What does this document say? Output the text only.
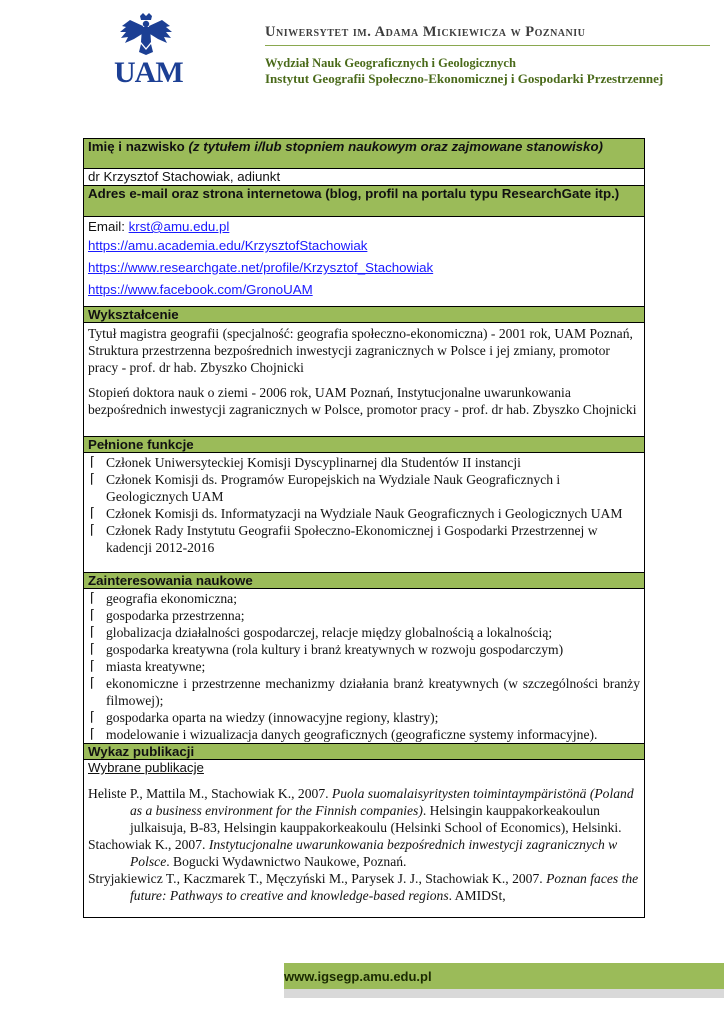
UAM
Uniwersytet im. Adama Mickiewicza w Poznaniu
Wydział Nauk Geograficznych i Geologicznych
Instytut Geografii Społeczno-Ekonomicznej i Gospodarki Przestrzennej
Imię i nazwisko (z tytułem i/lub stopniem naukowym oraz zajmowane stanowisko)
dr Krzysztof Stachowiak, adiunkt
Adres e-mail oraz strona internetowa (blog, profil na portalu typu ResearchGate itp.)
Email: krst@amu.edu.pl
https://amu.academia.edu/KrzysztofStachowiak
https://www.researchgate.net/profile/Krzysztof_Stachowiak
https://www.facebook.com/GronoUAM
Wykształcenie

Tytuł magistra geografii (specjalność: geografia społeczno-ekonomiczna) - 2001 rok, UAM Poznań, Struktura przestrzenna bezpośrednich inwestycji zagranicznych w Polsce i jej zmiany, promotor pracy - prof. dr hab. Zbyszko Chojnicki

Stopień doktora nauk o ziemi - 2006 rok, UAM Poznań, Instytucjonalne uwarunkowania bezpośrednich inwestycji zagranicznych w Polsce, promotor pracy - prof. dr hab. Zbyszko Chojnicki

Pełnione funkcje
⌈ Członek Uniwersyteckiej Komisji Dyscyplinarnej dla Studentów II instancji
⌈ Członek Komisji ds. Programów Europejskich na Wydziale Nauk Geograficznych i Geologicznych UAM
⌈ Członek Komisji ds. Informatyzacji na Wydziale Nauk Geograficznych i Geologicznych UAM
⌈ Członek Rady Instytutu Geografii Społeczno-Ekonomicznej i Gospodarki Przestrzennej w kadencji 2012-2016
Zainteresowania naukowe
⌈ geografia ekonomiczna;
⌈ gospodarka przestrzenna;
⌈ globalizacja działalności gospodarczej, relacje między globalnością a lokalnością;
⌈ gospodarka kreatywna (rola kultury i branż kreatywnych w rozwoju gospodarczym)
⌈ miasta kreatywne;
⌈ ekonomiczne i przestrzenne mechanizmy działania branż kreatywnych (w szczególności branży filmowej);
⌈ gospodarka oparta na wiedzy (innowacyjne regiony, klastry);
⌈ modelowanie i wizualizacja danych geograficznych (geograficzne systemy informacyjne).
Wykaz publikacji
Wybrane publikacje

Heliste P., Mattila M., Stachowiak K., 2007. Puola suomalaisyritysten toimintaympäristönä (Poland as a business environment for the Finnish companies). Helsingin kauppakorkeakoulun julkaisuja, B-83, Helsingin kauppakorkeakoulu (Helsinki School of Economics), Helsinki.

Stachowiak K., 2007. Instytucjonalne uwarunkowania bezpośrednich inwestycji zagranicznych w Polsce. Bogucki Wydawnictwo Naukowe, Poznań.

Stryjakiewicz T., Kaczmarek T., Męczyński M., Parysek J. J., Stachowiak K., 2007. Poznan faces the future: Pathways to creative and knowledge-based regions. AMIDSt,

www.igsegp.amu.edu.pl
